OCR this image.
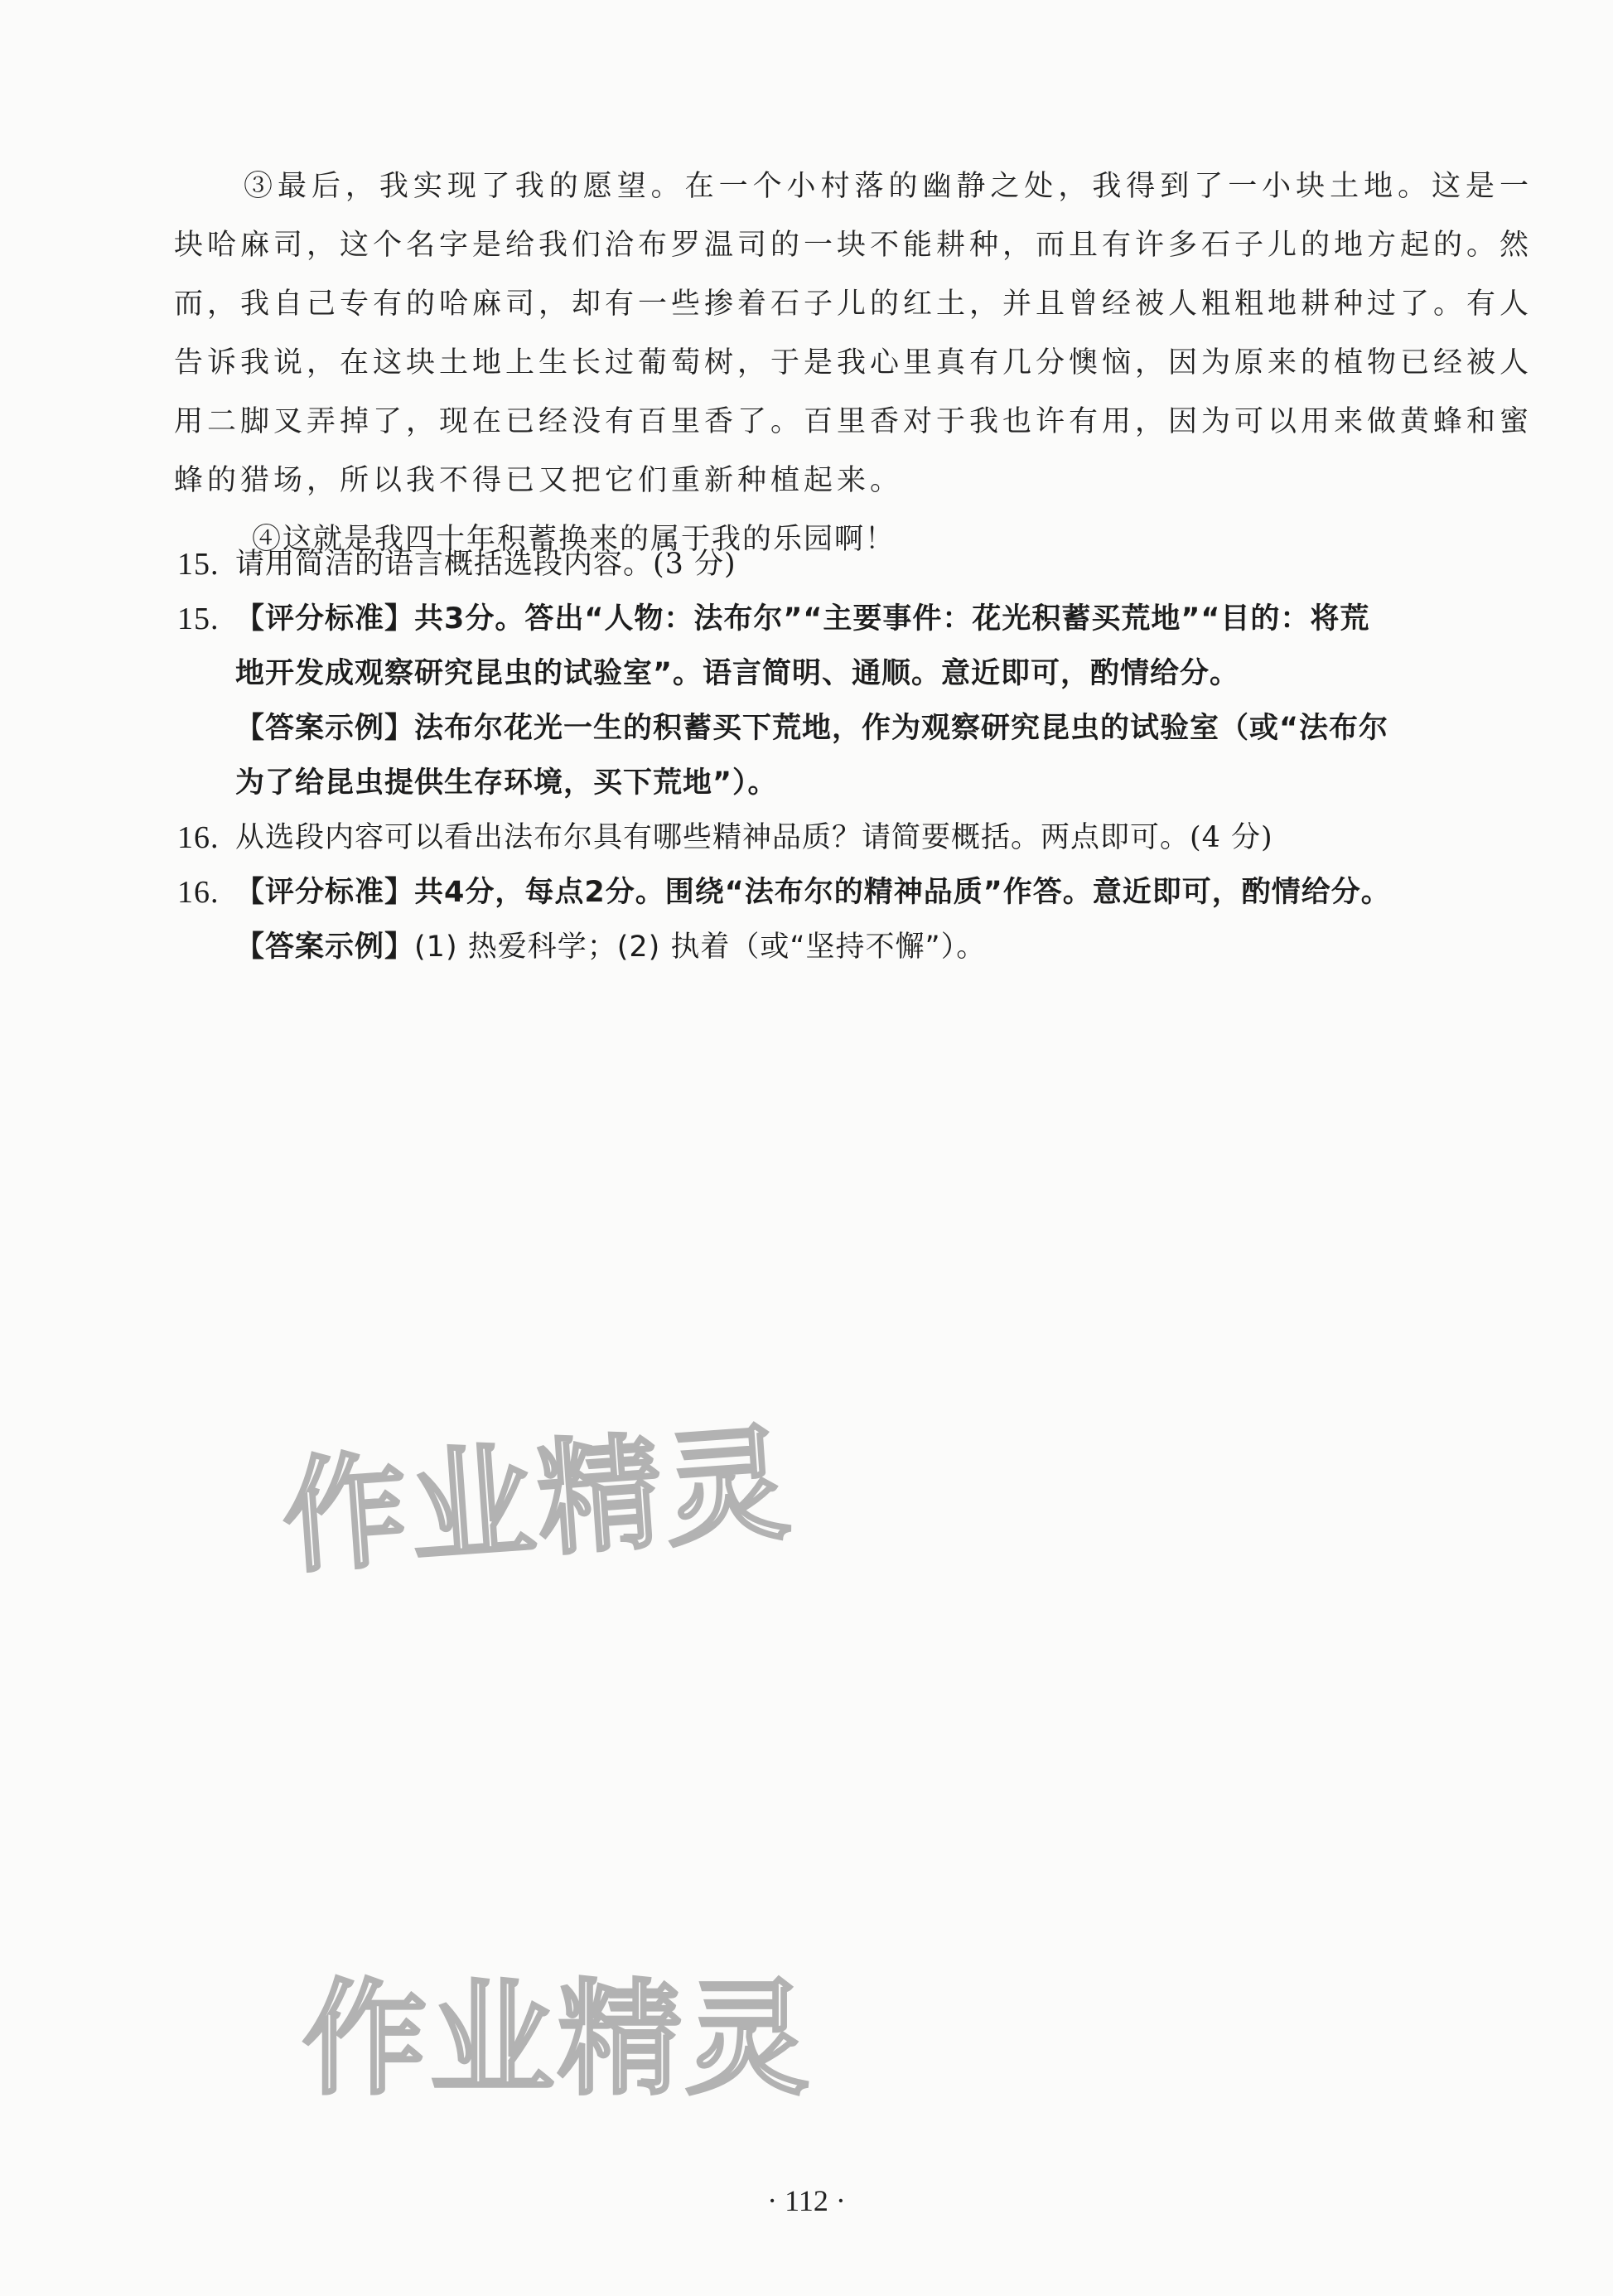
③最后，我实现了我的愿望。在一个小村落的幽静之处，我得到了一小块土地。这是一块哈麻司，这个名字是给我们洽布罗温司的一块不能耕种，而且有许多石子儿的地方起的。然而，我自己专有的哈麻司，却有一些掺着石子儿的红土，并且曾经被人粗粗地耕种过了。有人告诉我说，在这块土地上生长过葡萄树，于是我心里真有几分懊恼，因为原来的植物已经被人用二脚叉弄掉了，现在已经没有百里香了。百里香对于我也许有用，因为可以用来做黄蜂和蜜蜂的猎场，所以我不得已又把它们重新种植起来。

④这就是我四十年积蓄换来的属于我的乐园啊！

15. 请用简洁的语言概括选段内容。(3 分)
15. 【评分标准】共3分。答出“人物：法布尔”“主要事件：花光积蓄买荒地”“目的：将荒
地开发成观察研究昆虫的试验室”。语言简明、通顺。意近即可，酌情给分。
【答案示例】法布尔花光一生的积蓄买下荒地，作为观察研究昆虫的试验室（或“法布尔
为了给昆虫提供生存环境，买下荒地”）。
16. 从选段内容可以看出法布尔具有哪些精神品质？请简要概括。两点即可。(4 分)
16. 【评分标准】共4分，每点2分。围绕“法布尔的精神品质”作答。意近即可，酌情给分。
【答案示例】(1) 热爱科学；(2) 执着（或“坚持不懈”）。
作业精灵
作业精灵
· 112 ·
